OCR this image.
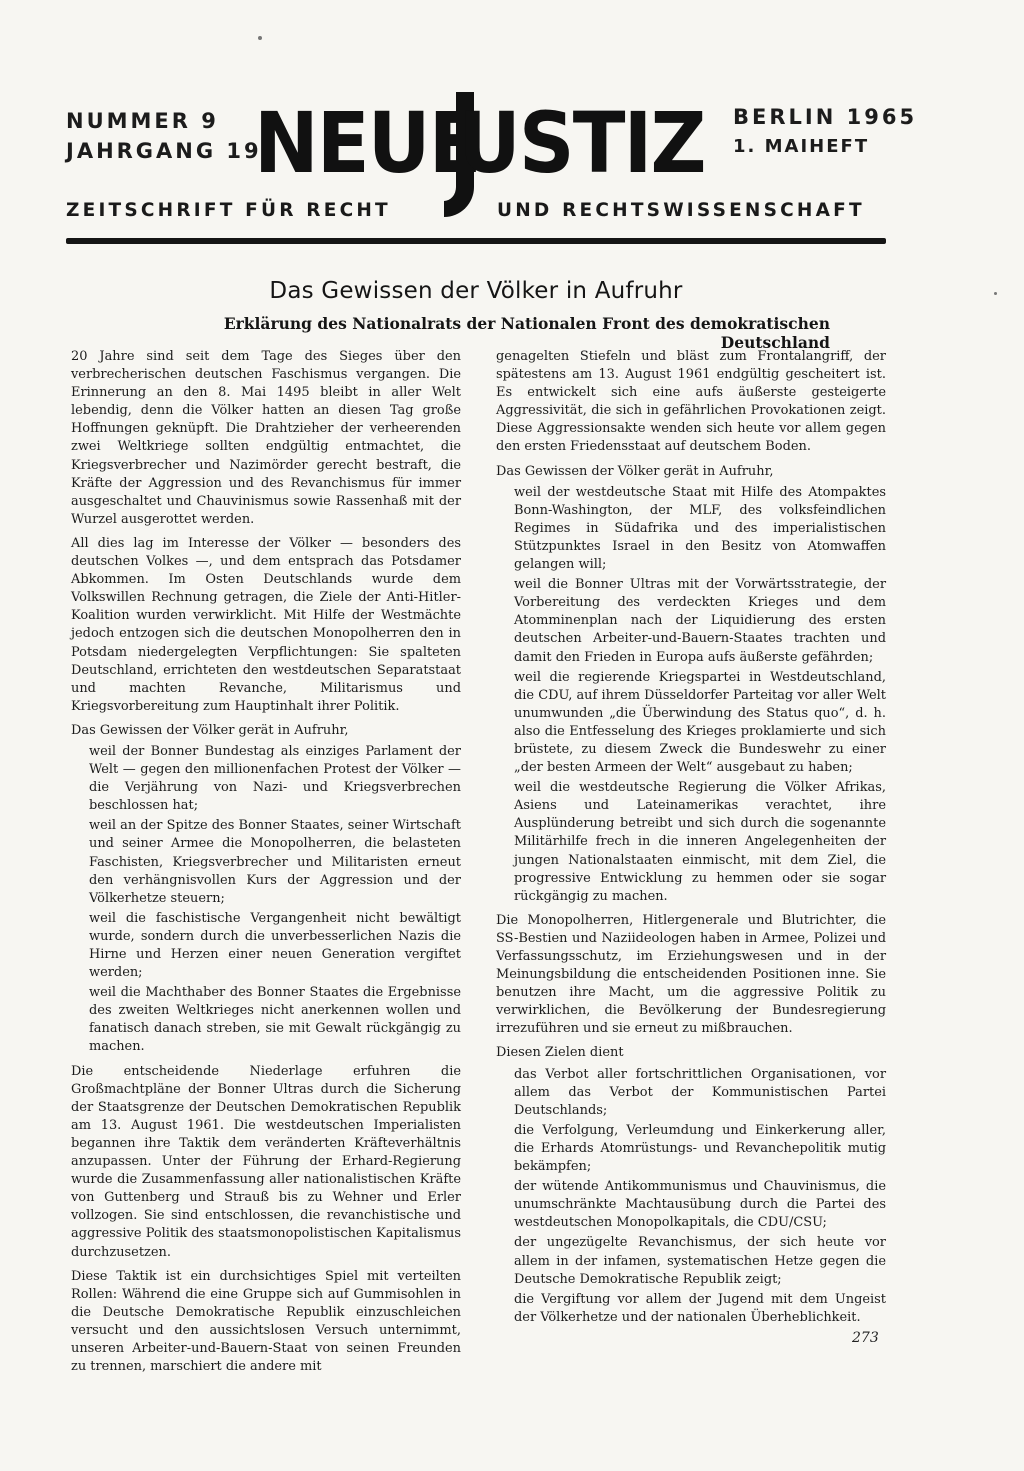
NUMMER 9
JAHRGANG 19
NEUE
USTIZ BERLIN 1965
1. MAIHEFT
ZEITSCHRIFT FÜR RECHT	UND RECHTSWISSENSCHAFT
Das Gewissen der Völker in Aufruhr
Erklärung des Nationalrats der Nationalen Front des demokratischen Deutschland

20 Jahre sind seit dem Tage des Sieges über den verbrecherischen deutschen Faschismus vergangen. Die Erinnerung an den 8. Mai 1495 bleibt in aller Welt lebendig, denn die Völker hatten an diesen Tag große Hoffnungen geknüpft. Die Drahtzieher der verheerenden zwei Weltkriege sollten endgültig entmachtet, die Kriegsverbrecher und Nazimörder gerecht bestraft, die Kräfte der Aggression und des Revanchismus für immer ausgeschaltet und Chauvinismus sowie Rassenhaß mit der Wurzel ausgerottet werden.

All dies lag im Interesse der Völker — besonders des deutschen Volkes —, und dem entsprach das Potsdamer Abkommen. Im Osten Deutschlands wurde dem Volkswillen Rechnung getragen, die Ziele der Anti-Hitler-Koalition wurden verwirklicht. Mit Hilfe der Westmächte jedoch entzogen sich die deutschen Monopolherren den in Potsdam niedergelegten Verpflichtungen: Sie spalteten Deutschland, errichteten den westdeutschen Separatstaat und machten Revanche, Militarismus und Kriegsvorbereitung zum Hauptinhalt ihrer Politik.

Das Gewissen der Völker gerät in Aufruhr,

weil der Bonner Bundestag als einziges Parlament der Welt — gegen den millionenfachen Protest der Völker — die Verjährung von Nazi- und Kriegsverbrechen beschlossen hat;

weil an der Spitze des Bonner Staates, seiner Wirtschaft und seiner Armee die Monopolherren, die belasteten Faschisten, Kriegsverbrecher und Militaristen erneut den verhängnisvollen Kurs der Aggression und der Völkerhetze steuern;

weil die faschistische Vergangenheit nicht bewältigt wurde, sondern durch die unverbesserlichen Nazis die Hirne und Herzen einer neuen Generation vergiftet werden;

weil die Machthaber des Bonner Staates die Ergebnisse des zweiten Weltkrieges nicht anerkennen wollen und fanatisch danach streben, sie mit Gewalt rückgängig zu machen.

Die entscheidende Niederlage erfuhren die Großmachtpläne der Bonner Ultras durch die Sicherung der Staatsgrenze der Deutschen Demokratischen Republik am 13. August 1961. Die westdeutschen Imperialisten begannen ihre Taktik dem veränderten Kräfteverhältnis anzupassen. Unter der Führung der Erhard-Regierung wurde die Zusammenfassung aller nationalistischen Kräfte von Guttenberg und Strauß bis zu Wehner und Erler vollzogen. Sie sind entschlossen, die revanchistische und aggressive Politik des staatsmonopolistischen Kapitalismus durchzusetzen.

Diese Taktik ist ein durchsichtiges Spiel mit verteilten Rollen: Während die eine Gruppe sich auf Gummisohlen in die Deutsche Demokratische Republik einzuschleichen versucht und den aussichtslosen Versuch unternimmt, unseren Arbeiter-und-Bauern-Staat von seinen Freunden zu trennen, marschiert die andere mit

genagelten Stiefeln und bläst zum Frontalangriff, der spätestens am 13. August 1961 endgültig gescheitert ist. Es entwickelt sich eine aufs äußerste gesteigerte Aggressivität, die sich in gefährlichen Provokationen zeigt. Diese Aggressionsakte wenden sich heute vor allem gegen den ersten Friedensstaat auf deutschem Boden.

Das Gewissen der Völker gerät in Aufruhr,

weil der westdeutsche Staat mit Hilfe des Atompaktes Bonn-Washington, der MLF, des volksfeindlichen Regimes in Südafrika und des imperialistischen Stützpunktes Israel in den Besitz von Atomwaffen gelangen will;

weil die Bonner Ultras mit der Vorwärtsstrategie, der Vorbereitung des verdeckten Krieges und dem Atomminenplan nach der Liquidierung des ersten deutschen Arbeiter-und-Bauern-Staates trachten und damit den Frieden in Europa aufs äußerste gefährden;

weil die regierende Kriegspartei in Westdeutschland, die CDU, auf ihrem Düsseldorfer Parteitag vor aller Welt unumwunden „die Überwindung des Status quo“, d. h. also die Entfesselung des Krieges proklamierte und sich brüstete, zu diesem Zweck die Bundeswehr zu einer „der besten Armeen der Welt“ ausgebaut zu haben;

weil die westdeutsche Regierung die Völker Afrikas, Asiens und Lateinamerikas verachtet, ihre Ausplünderung betreibt und sich durch die sogenannte Militärhilfe frech in die inneren Angelegenheiten der jungen Nationalstaaten einmischt, mit dem Ziel, die progressive Entwicklung zu hemmen oder sie sogar rückgängig zu machen.

Die Monopolherren, Hitlergenerale und Blutrichter, die SS-Bestien und Naziideologen haben in Armee, Polizei und Verfassungsschutz, im Erziehungswesen und in der Meinungsbildung die entscheidenden Positionen inne. Sie benutzen ihre Macht, um die aggressive Politik zu verwirklichen, die Bevölkerung der Bundesregierung irrezuführen und sie erneut zu mißbrauchen.

Diesen Zielen dient

das Verbot aller fortschrittlichen Organisationen, vor allem das Verbot der Kommunistischen Partei Deutschlands;

die Verfolgung, Verleumdung und Einkerkerung aller, die Erhards Atomrüstungs- und Revanchepolitik mutig bekämpfen;

der wütende Antikommunismus und Chauvinismus, die unumschränkte Machtausübung durch die Partei des westdeutschen Monopolkapitals, die CDU/CSU;

der ungezügelte Revanchismus, der sich heute vor allem in der infamen, systematischen Hetze gegen die Deutsche Demokratische Republik zeigt;

die Vergiftung vor allem der Jugend mit dem Ungeist der Völkerhetze und der nationalen Überheblichkeit.

273
